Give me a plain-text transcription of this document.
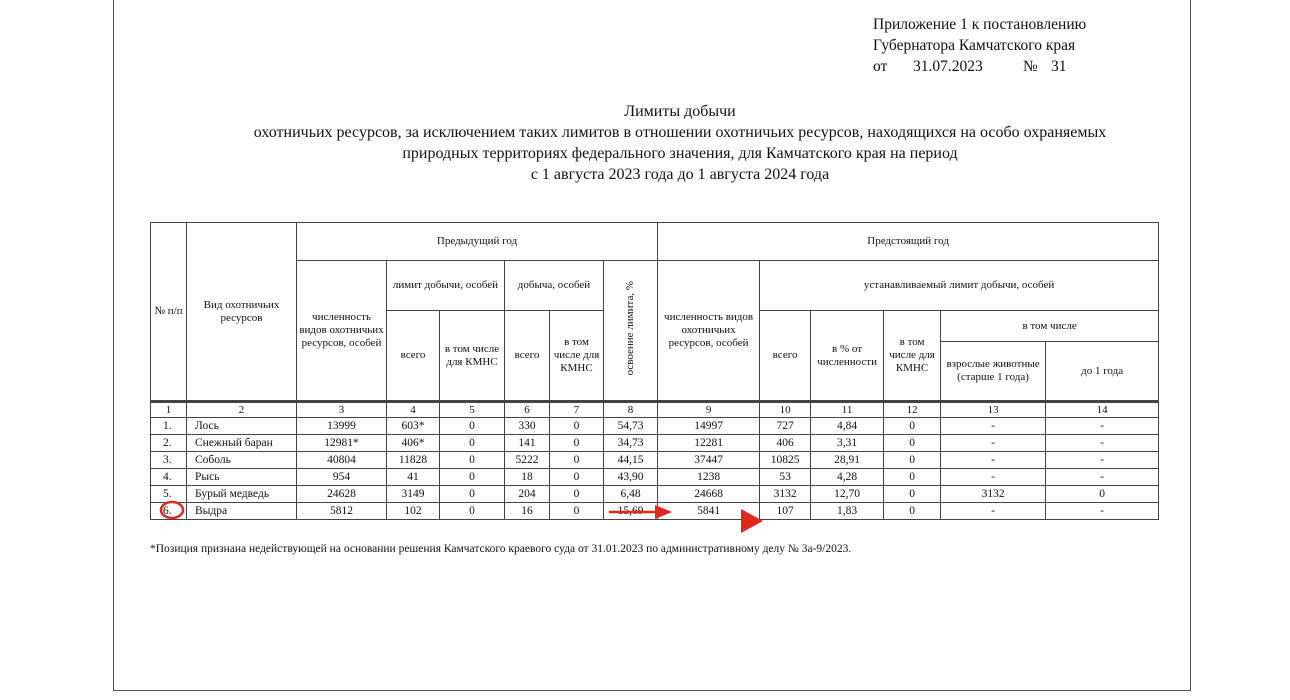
Приложение 1 к постановлению
Губернатора Камчатского края
от 31.07.2023	№ 31
Лимиты добычи
охотничьих ресурсов, за исключением таких лимитов в отношении охотничьих ресурсов, находящихся на особо охраняемых
природных территориях федерального значения, для Камчатского края на период
с 1 августа 2023 года до 1 августа 2024 года
№ п/п	Вид охотничьих ресурсов	Предыдущий год						Предстоящий год					
		численность видов охотничьих ресурсов, особей	лимит добычи, особей		добыча, особей		освоение лимита, %	численность видов охотничьих ресурсов, особей	устанавливаемый лимит добычи, особей				
			всего	в том числе для КМНС	всего	в том числе для КМНС			всего	в % от численности	в том числе для КМНС	в том числе	
												взрослые животные (старше 1 года)	до 1 года
1	2	3	4	5	6	7	8	9	10	11	12	13	14
1.	Лось	13999	603*	0	330	0	54,73	14997	727	4,84	0	-	-
2.	Снежный баран	12981*	406*	0	141	0	34,73	12281	406	3,31	0	-	-
3.	Соболь	40804	11828	0	5222	0	44,15	37447	10825	28,91	0	-	-
4.	Рысь	954	41	0	18	0	43,90	1238	53	4,28	0	-	-
5.	Бурый медведь	24628	3149	0	204	0	6,48	24668	3132	12,70	0	3132	0
6.	Выдра	5812	102	0	16	0	15,69	5841	107	1,83	0	-	-
*Позиция признана недействующей на основании решения Камчатского краевого суда от 31.01.2023 по административному делу № 3а-9/2023.
